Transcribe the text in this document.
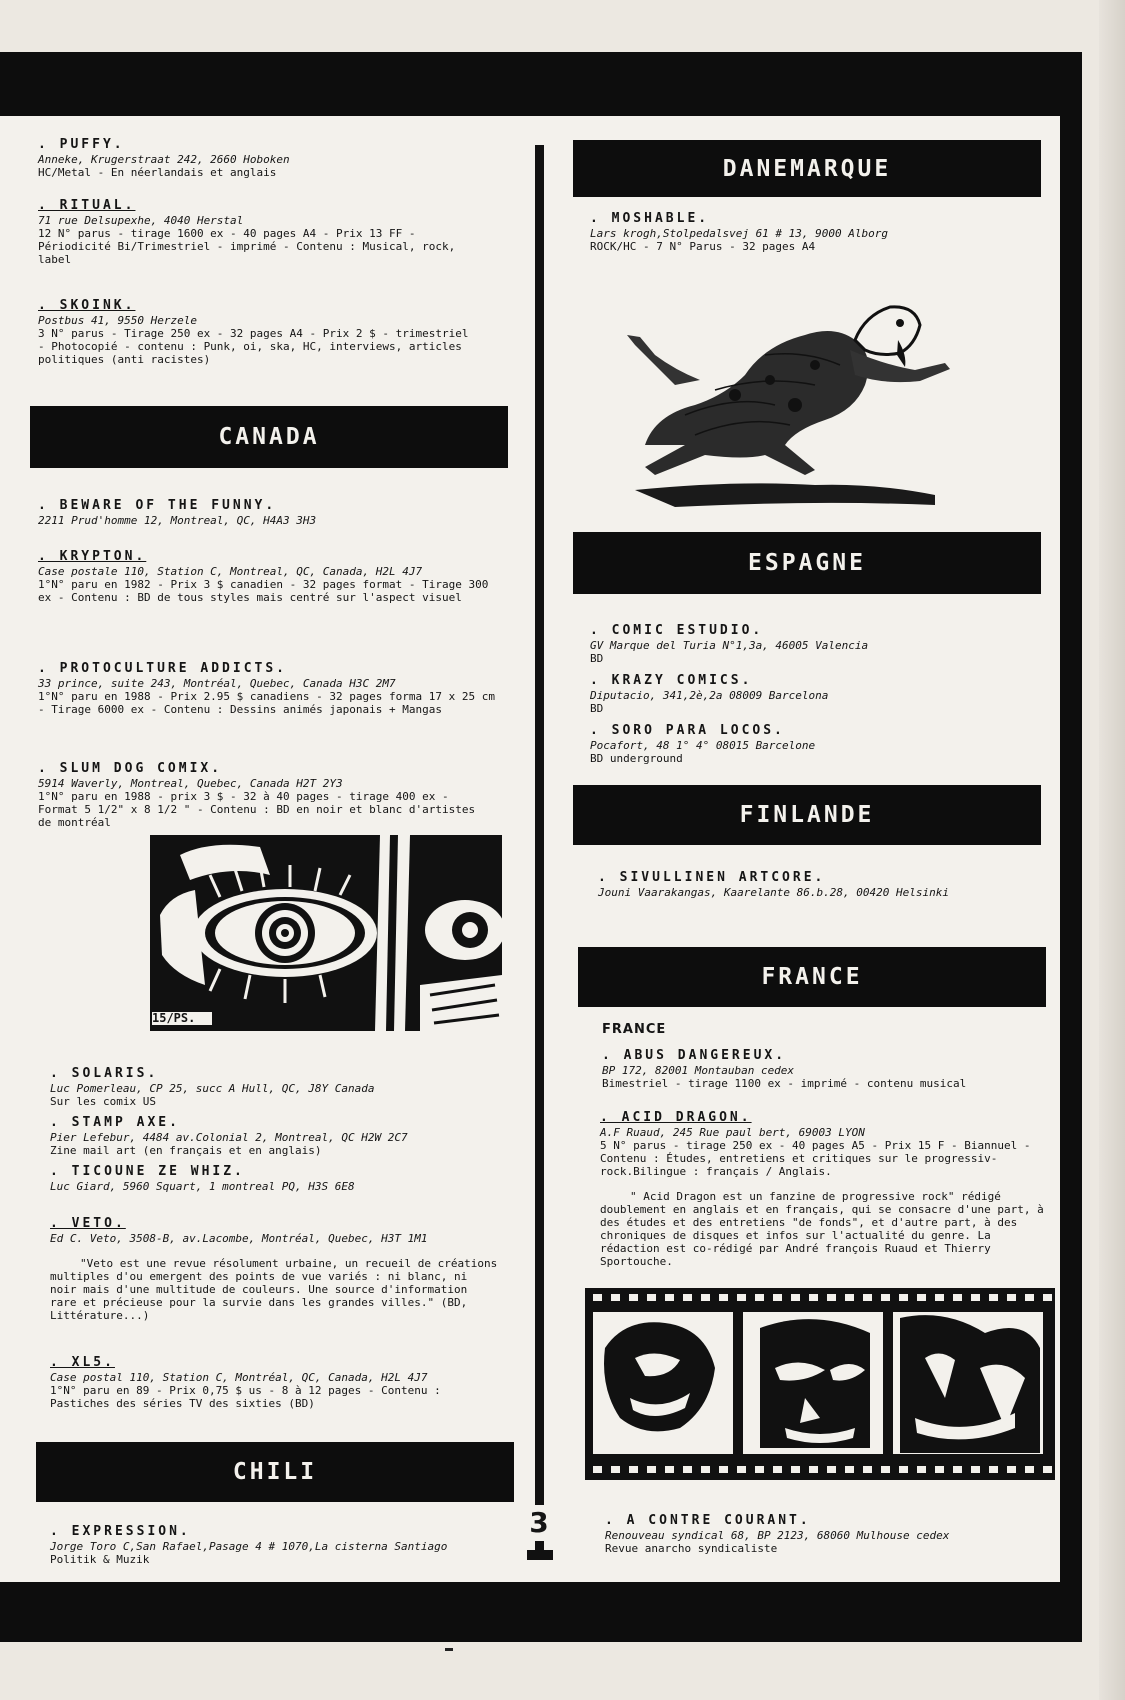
3
. PUFFY.
Anneke, Krugerstraat 242, 2660 Hoboken
HC/Metal - En néerlandais et anglais
. RITUAL.
71 rue Delsupexhe, 4040 Herstal
12 N° parus - tirage 1600 ex - 40 pages A4 - Prix 13 FF - Périodicité Bi/Trimestriel - imprimé - Contenu : Musical, rock, label
. SKOINK.
Postbus 41, 9550 Herzele
3 N° parus - Tirage 250 ex - 32 pages A4 - Prix 2 $ - trimestriel - Photocopié - contenu : Punk, oi, ska, HC, interviews, articles politiques (anti racistes)
CANADA
. BEWARE OF THE FUNNY.
2211 Prud'homme 12, Montreal, QC, H4A3 3H3
. KRYPTON.
Case postale 110, Station C, Montreal, QC, Canada, H2L 4J7
1°N° paru en 1982 - Prix 3 $ canadien - 32 pages format - Tirage 300 ex - Contenu : BD de tous styles mais centré sur l'aspect visuel
. PROTOCULTURE ADDICTS.
33 prince, suite 243, Montréal, Quebec, Canada H3C 2M7
1°N° paru en 1988 - Prix 2.95 $ canadiens - 32 pages forma 17 x 25 cm - Tirage 6000 ex - Contenu : Dessins animés japonais + Mangas
. SLUM DOG COMIX.
5914 Waverly, Montreal, Quebec, Canada H2T 2Y3
1°N° paru en 1988 - prix 3 $ - 32 à 40 pages - tirage 400 ex - Format 5 1/2" x 8 1/2 " - Contenu : BD en noir et blanc d'artistes de montréal
15/PS.
. SOLARIS.
Luc Pomerleau, CP 25, succ A Hull, QC, J8Y Canada
Sur les comix US
. STAMP AXE.
Pier Lefebur, 4484 av.Colonial 2, Montreal, QC H2W 2C7
Zine mail art (en français et en anglais)
. TICOUNE ZE WHIZ.
Luc Giard, 5960 Squart, 1 montreal PQ, H3S 6E8
. VETO.
Ed C. Veto, 3508-B, av.Lacombe, Montréal, Quebec, H3T 1M1
"Veto est une revue résolument urbaine, un recueil de créations multiples d'ou emergent des points de vue variés : ni blanc, ni noir mais d'une multitude de couleurs. Une source d'information rare et précieuse pour la survie dans les grandes villes." (BD, Littérature...)
. XL5.
Case postal 110, Station C, Montréal, QC, Canada, H2L 4J7
1°N° paru en 89 - Prix 0,75 $ us - 8 à 12 pages - Contenu : Pastiches des séries TV des sixties (BD)
CHILI
. EXPRESSION.
Jorge Toro C,San Rafael,Pasage 4 # 1070,La cisterna Santiago
Politik & Muzik
DANEMARQUE
. MOSHABLE.
Lars krogh,Stolpedalsvej 61 # 13, 9000 Alborg
ROCK/HC - 7 N° Parus - 32 pages A4
ESPAGNE
. COMIC ESTUDIO.
GV Marque del Turia N°1,3a, 46005 Valencia
BD
. KRAZY COMICS.
Diputacio, 341,2è,2a 08009 Barcelona
BD
. SORO PARA LOCOS.
Pocafort, 48 1° 4° 08015 Barcelone
BD underground
FINLANDE
. SIVULLINEN ARTCORE.
Jouni Vaarakangas, Kaarelante 86.b.28, 00420 Helsinki
FRANCE
FRANCE
. ABUS DANGEREUX.
BP 172, 82001 Montauban cedex
Bimestriel - tirage 1100 ex - imprimé - contenu musical
. ACID DRAGON.
A.F Ruaud, 245 Rue paul bert, 69003 LYON
5 N° parus - tirage 250 ex - 40 pages A5 - Prix 15 F - Biannuel - Contenu : Études, entretiens et critiques sur le progressiv-rock.Bilingue : français / Anglais.
" Acid Dragon est un fanzine de progressive rock" rédigé doublement en anglais et en français, qui se consacre d'une part, à des études et des entretiens "de fonds", et d'autre part, à des chroniques de disques et infos sur l'actualité du genre. La rédaction est co-rédigé par André françois Ruaud et Thierry Sportouche.
. A CONTRE COURANT.
Renouveau syndical 68, BP 2123, 68060 Mulhouse cedex
Revue anarcho syndicaliste
